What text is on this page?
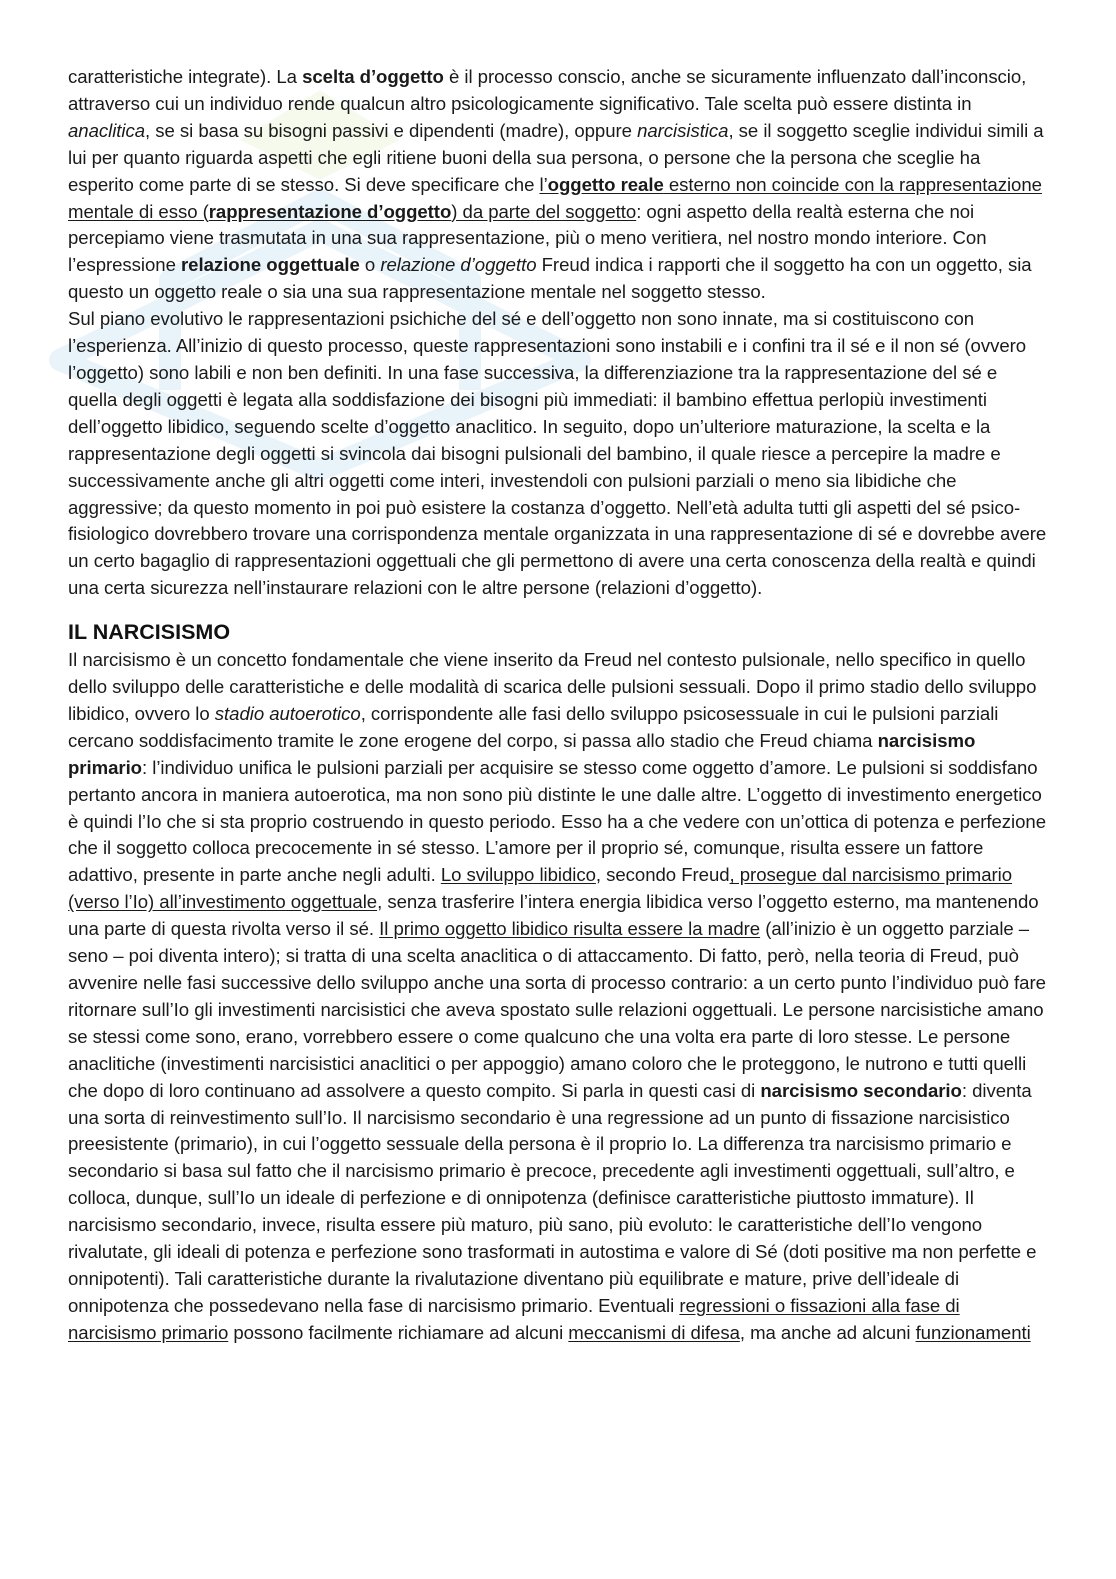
caratteristiche integrate). La scelta d’oggetto è il processo conscio, anche se sicuramente influenzato dall’inconscio, attraverso cui un individuo rende qualcun altro psicologicamente significativo. Tale scelta può essere distinta in anaclitica, se si basa su bisogni passivi e dipendenti (madre), oppure narcisistica, se il soggetto sceglie individui simili a lui per quanto riguarda aspetti che egli ritiene buoni della sua persona, o persone che la persona che sceglie ha esperito come parte di se stesso. Si deve specificare che l’oggetto reale esterno non coincide con la rappresentazione mentale di esso (rappresentazione d’oggetto) da parte del soggetto: ogni aspetto della realtà esterna che noi percepiamo viene trasmutata in una sua rappresentazione, più o meno veritiera, nel nostro mondo interiore. Con l’espressione relazione oggettuale o relazione d’oggetto Freud indica i rapporti che il soggetto ha con un oggetto, sia questo un oggetto reale o sia una sua rappresentazione mentale nel soggetto stesso.

Sul piano evolutivo le rappresentazioni psichiche del sé e dell’oggetto non sono innate, ma si costituiscono con l’esperienza. All’inizio di questo processo, queste rappresentazioni sono instabili e i confini tra il sé e il non sé (ovvero l’oggetto) sono labili e non ben definiti. In una fase successiva, la differenziazione tra la rappresentazione del sé e quella degli oggetti è legata alla soddisfazione dei bisogni più immediati: il bambino effettua perlopiù investimenti dell’oggetto libidico, seguendo scelte d’oggetto anaclitico. In seguito, dopo un’ulteriore maturazione, la scelta e la rappresentazione degli oggetti si svincola dai bisogni pulsionali del bambino, il quale riesce a percepire la madre e successivamente anche gli altri oggetti come interi, investendoli con pulsioni parziali o meno sia libidiche che aggressive; da questo momento in poi può esistere la costanza d’oggetto. Nell’età adulta tutti gli aspetti del sé psico-fisiologico dovrebbero trovare una corrispondenza mentale organizzata in una rappresentazione di sé e dovrebbe avere un certo bagaglio di rappresentazioni oggettuali che gli permettono di avere una certa conoscenza della realtà e quindi una certa sicurezza nell’instaurare relazioni con le altre persone (relazioni d’oggetto).

IL NARCISISMO

Il narcisismo è un concetto fondamentale che viene inserito da Freud nel contesto pulsionale, nello specifico in quello dello sviluppo delle caratteristiche e delle modalità di scarica delle pulsioni sessuali. Dopo il primo stadio dello sviluppo libidico, ovvero lo stadio autoerotico, corrispondente alle fasi dello sviluppo psicosessuale in cui le pulsioni parziali cercano soddisfacimento tramite le zone erogene del corpo, si passa allo stadio che Freud chiama narcisismo primario: l’individuo unifica le pulsioni parziali per acquisire se stesso come oggetto d’amore. Le pulsioni si soddisfano pertanto ancora in maniera autoerotica, ma non sono più distinte le une dalle altre. L’oggetto di investimento energetico è quindi l’Io che si sta proprio costruendo in questo periodo. Esso ha a che vedere con un’ottica di potenza e perfezione che il soggetto colloca precocemente in sé stesso. L’amore per il proprio sé, comunque, risulta essere un fattore adattivo, presente in parte anche negli adulti. Lo sviluppo libidico, secondo Freud, prosegue dal narcisismo primario (verso l’Io) all’investimento oggettuale, senza trasferire l’intera energia libidica verso l’oggetto esterno, ma mantenendo una parte di questa rivolta verso il sé. Il primo oggetto libidico risulta essere la madre (all’inizio è un oggetto parziale – seno – poi diventa intero); si tratta di una scelta anaclitica o di attaccamento. Di fatto, però, nella teoria di Freud, può avvenire nelle fasi successive dello sviluppo anche una sorta di processo contrario: a un certo punto l’individuo può fare ritornare sull’Io gli investimenti narcisistici che aveva spostato sulle relazioni oggettuali. Le persone narcisistiche amano se stessi come sono, erano, vorrebbero essere o come qualcuno che una volta era parte di loro stesse. Le persone anaclitiche (investimenti narcisistici anaclitici o per appoggio) amano coloro che le proteggono, le nutrono e tutti quelli che dopo di loro continuano ad assolvere a questo compito. Si parla in questi casi di narcisismo secondario: diventa una sorta di reinvestimento sull’Io. Il narcisismo secondario è una regressione ad un punto di fissazione narcisistico preesistente (primario), in cui l’oggetto sessuale della persona è il proprio Io. La differenza tra narcisismo primario e secondario si basa sul fatto che il narcisismo primario è precoce, precedente agli investimenti oggettuali, sull’altro, e colloca, dunque, sull’Io un ideale di perfezione e di onnipotenza (definisce caratteristiche piuttosto immature). Il narcisismo secondario, invece, risulta essere più maturo, più sano, più evoluto: le caratteristiche dell’Io vengono rivalutate, gli ideali di potenza e perfezione sono trasformati in autostima e valore di Sé (doti positive ma non perfette e onnipotenti). Tali caratteristiche durante la rivalutazione diventano più equilibrate e mature, prive dell’ideale di onnipotenza che possedevano nella fase di narcisismo primario. Eventuali regressioni o fissazioni alla fase di narcisismo primario possono facilmente richiamare ad alcuni meccanismi di difesa, ma anche ad alcuni funzionamenti
